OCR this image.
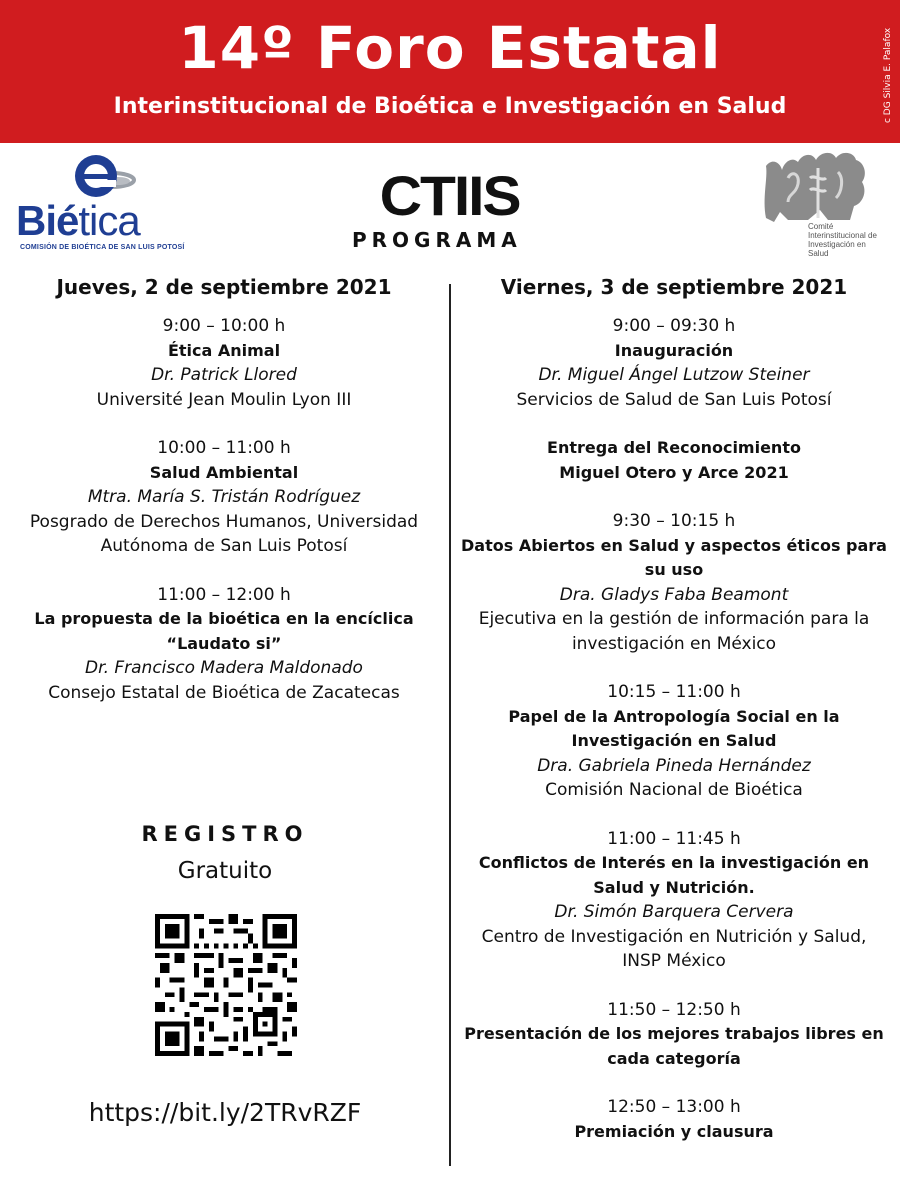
14º Foro Estatal
Interinstitucional de Bioética e Investigación en Salud	c DG Silvia E. Palafox E./2021
Biética
COMISIÓN DE BIOÉTICA DE SAN LUIS POTOSÍ
CTIIS
PROGRAMA
Comité Interinstitucional de Investigación en Salud
Jueves, 2 de septiembre 2021
9:00 – 10:00 h
Ética Animal
Dr. Patrick Llored
Université Jean Moulin Lyon III
10:00 – 11:00 h
Salud Ambiental
Mtra. María S. Tristán Rodríguez
Posgrado de Derechos Humanos, Universidad Autónoma de San Luis Potosí
11:00 – 12:00 h
La propuesta de la bioética en la encíclica “Laudato si”
Dr. Francisco Madera Maldonado
Consejo Estatal de Bioética de Zacatecas
Viernes, 3 de septiembre 2021
9:00 – 09:30 h
Inauguración
Dr. Miguel Ángel Lutzow Steiner
Servicios de Salud de San Luis Potosí
Entrega del Reconocimiento Miguel Otero y Arce 2021
9:30 – 10:15 h
Datos Abiertos en Salud y aspectos éticos para su uso
Dra. Gladys Faba Beamont
Ejecutiva en la gestión de información para la investigación en México
10:15 – 11:00 h
Papel de la Antropología Social en la Investigación en Salud
Dra. Gabriela Pineda Hernández
Comisión Nacional de Bioética
11:00 – 11:45 h
Conflictos de Interés en la investigación en Salud y Nutrición.
Dr. Simón Barquera Cervera
Centro de Investigación en Nutrición y Salud, INSP México
11:50 – 12:50 h
Presentación de los mejores trabajos libres en cada categoría
12:50 – 13:00 h
Premiación y clausura
REGISTRO
Gratuito
https://bit.ly/2TRvRZF
